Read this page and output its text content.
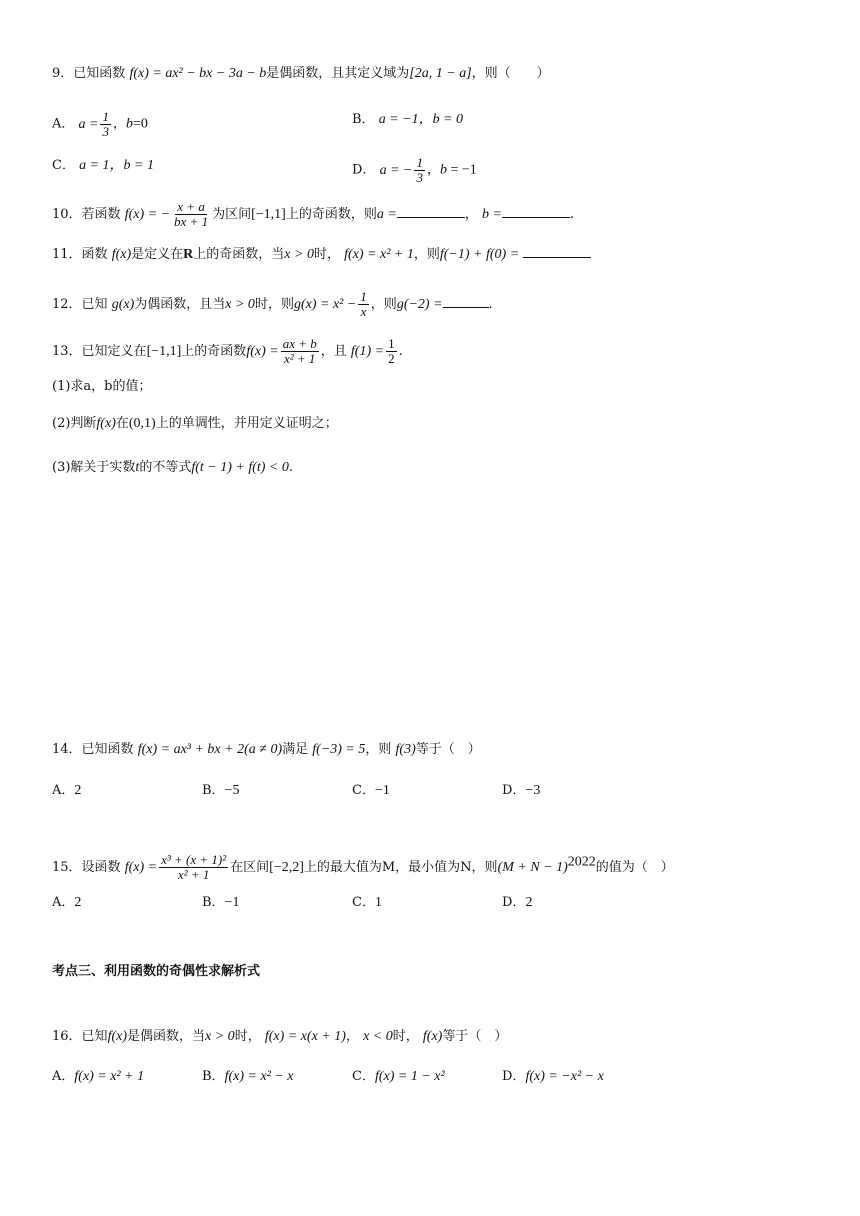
9．已知函数 f(x) = ax² − bx − 3a − b是偶函数，且其定义域为[2a, 1 − a]，则（　　）
A． $a = \frac{1}{3}$ ，b=0	B． a = −1，b = 0
C． a = 1，b = 1	D． a = − $\frac{1}{3}$ ，b = −1
10．若函数 f(x) = − $\frac{x + a}{bx + 1}$ 为区间[−1,1]上的奇函数，则a =	， b =	.
11．函数 f(x)是定义在R上的奇函数，当x > 0时， f(x) = x² + 1，则f(−1) + f(0) =
12．已知 g(x)为偶函数，且当x > 0时，则$g(x) = x^2 - \frac{1}{x}$ ，则g(−2) =	.
13．已知定义在[−1,1]上的奇函数$f(x) = \frac{ax + b}{\text{x² + 1}}$ ，且 $f(1) = \frac{1}{2}$ .
(1)求a，b的值；
(2)判断f(x)在(0,1)上的单调性，并用定义证明之；
(3)解关于实数t的不等式f(t − 1) + f(t) < 0.
14．已知函数 f(x) = ax³ + bx + 2(a ≠ 0)满足 f(−3) = 5，则 f(3)等于（　）
A．2	B．−5	C．−1	D．−3
15．设函数 $f(x) = \frac{\text{x³ + (x + 1)²}}{\text{x² + 1}}$ 在区间[−2,2]上的最大值为M，最小值为N，则$(M + N - 1)^{2022}$的值为（　）
A．2	B．−1	C．1	D．2
考点三、利用函数的奇偶性求解析式
16．已知f(x)是偶函数，当x > 0时， f(x) = x(x + 1)， x < 0时， f(x)等于（　）
A．f(x) = x² + 1	B．f(x) = x² − x	C．f(x) = 1 − x²	D．f(x) = −x² − x
